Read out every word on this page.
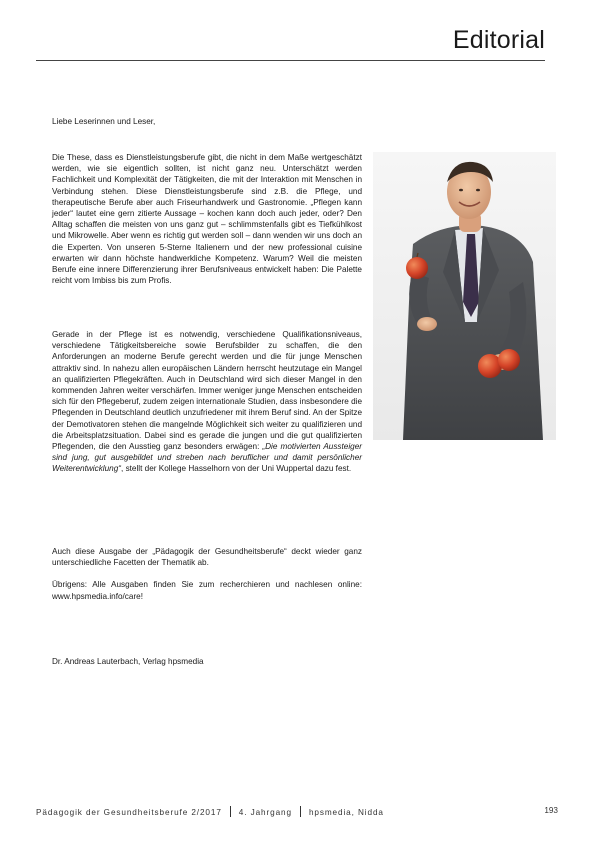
Editorial
Liebe Leserinnen und Leser,

Die These, dass es Dienstleistungsberufe gibt, die nicht in dem Maße wertgeschätzt werden, wie sie eigentlich sollten, ist nicht ganz neu. Unterschätzt werden Fachlichkeit und Komplexität der Tätigkeiten, die mit der Interaktion mit Menschen in Verbindung stehen. Diese Dienstleistungsberufe sind z.B. die Pflege, und therapeutische Berufe aber auch Friseurhandwerk und Gastronomie. „Pflegen kann jeder“ lautet eine gern zitierte Aussage – kochen kann doch auch jeder, oder? Den Alltag schaffen die meisten von uns ganz gut – schlimmstenfalls gibt es Tiefkühlkost und Mikrowelle. Aber wenn es richtig gut werden soll – dann wenden wir uns doch an die Experten. Von unseren 5-Sterne Italienern und der new professional cuisine erwarten wir dann höchste handwerkliche Kompetenz. Warum? Weil die meisten Berufe eine innere Differenzierung ihrer Berufsniveaus entwickelt haben: Die Palette reicht vom Imbiss bis zum Profis.

Gerade in der Pflege ist es notwendig, verschiedene Qualifikationsniveaus, verschiedene Tätigkeitsbereiche sowie Berufsbilder zu schaffen, die den Anforderungen an moderne Berufe gerecht werden und die für junge Menschen attraktiv sind. In nahezu allen europäischen Ländern herrscht heutzutage ein Mangel an qualifizierten Pflegekräften. Auch in Deutschland wird sich dieser Mangel in den kommenden Jahren weiter verschärfen. Immer weniger junge Menschen entscheiden sich für den Pflegeberuf, zudem zeigen internationale Studien, dass insbesondere die Pflegenden in Deutschland deutlich unzufriedener mit ihrem Beruf sind. An der Spitze der Demotivatoren stehen die mangelnde Möglichkeit sich weiter zu qualifizieren und die Arbeitsplatzsituation. Dabei sind es gerade die jungen und die gut qualifizierten Pflegenden, die den Ausstieg ganz besonders erwägen: „Die motivierten Aussteiger sind jung, gut ausgebildet und streben nach beruflicher und damit persönlicher Weiterentwicklung“, stellt der Kollege Hasselhorn von der Uni Wuppertal dazu fest.

Auch diese Ausgabe der „Pädagogik der Gesundheitsberufe“ deckt wieder ganz unterschiedliche Facetten der Thematik ab.

Übrigens: Alle Ausgaben finden Sie zum recherchieren und nachlesen online: www.hpsmedia.info/care!

Dr. Andreas Lauterbach, Verlag hpsmedia
Pädagogik der Gesundheitsberufe 2/2017 4. Jahrgang hpsmedia, Nidda	193
